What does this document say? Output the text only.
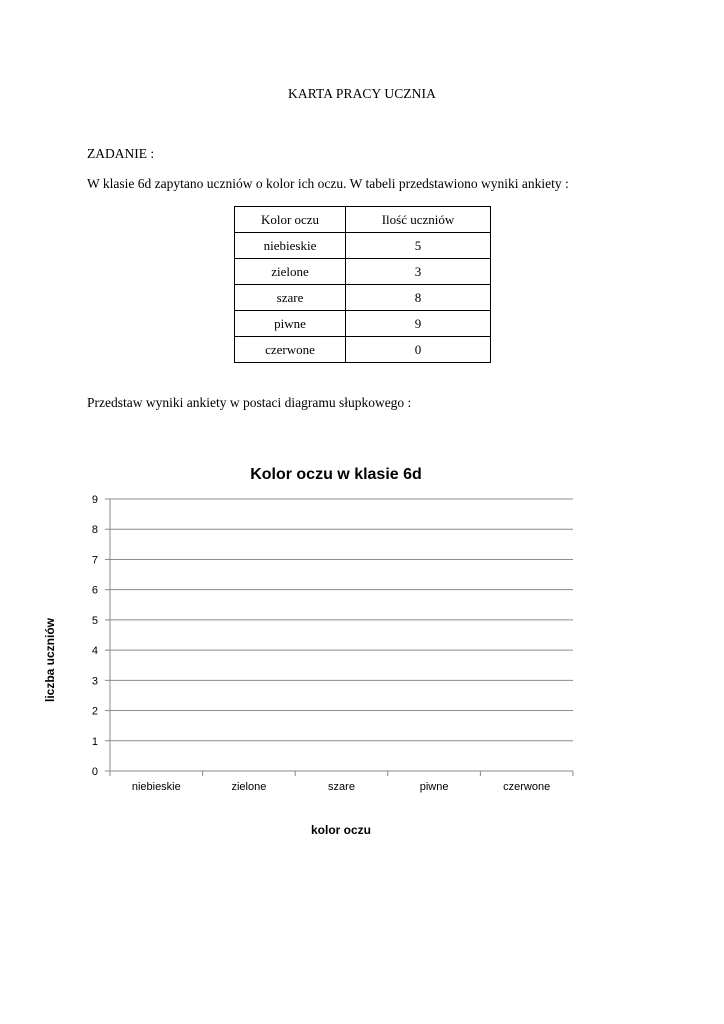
KARTA PRACY UCZNIA
ZADANIE :
W klasie 6d zapytano uczniów o kolor ich oczu. W tabeli przedstawiono wyniki ankiety :
Kolor oczu	Ilość uczniów
niebieskie	5
zielone	3
szare	8
piwne	9
czerwone	0
Przedstaw wyniki ankiety w postaci diagramu słupkowego :
Kolor oczu w klasie 6d
0
1
2
3
4
5
6
7
8
9
niebieskie	zielone	szare	piwne	czerwone
kolor oczu
liczba uczniów
